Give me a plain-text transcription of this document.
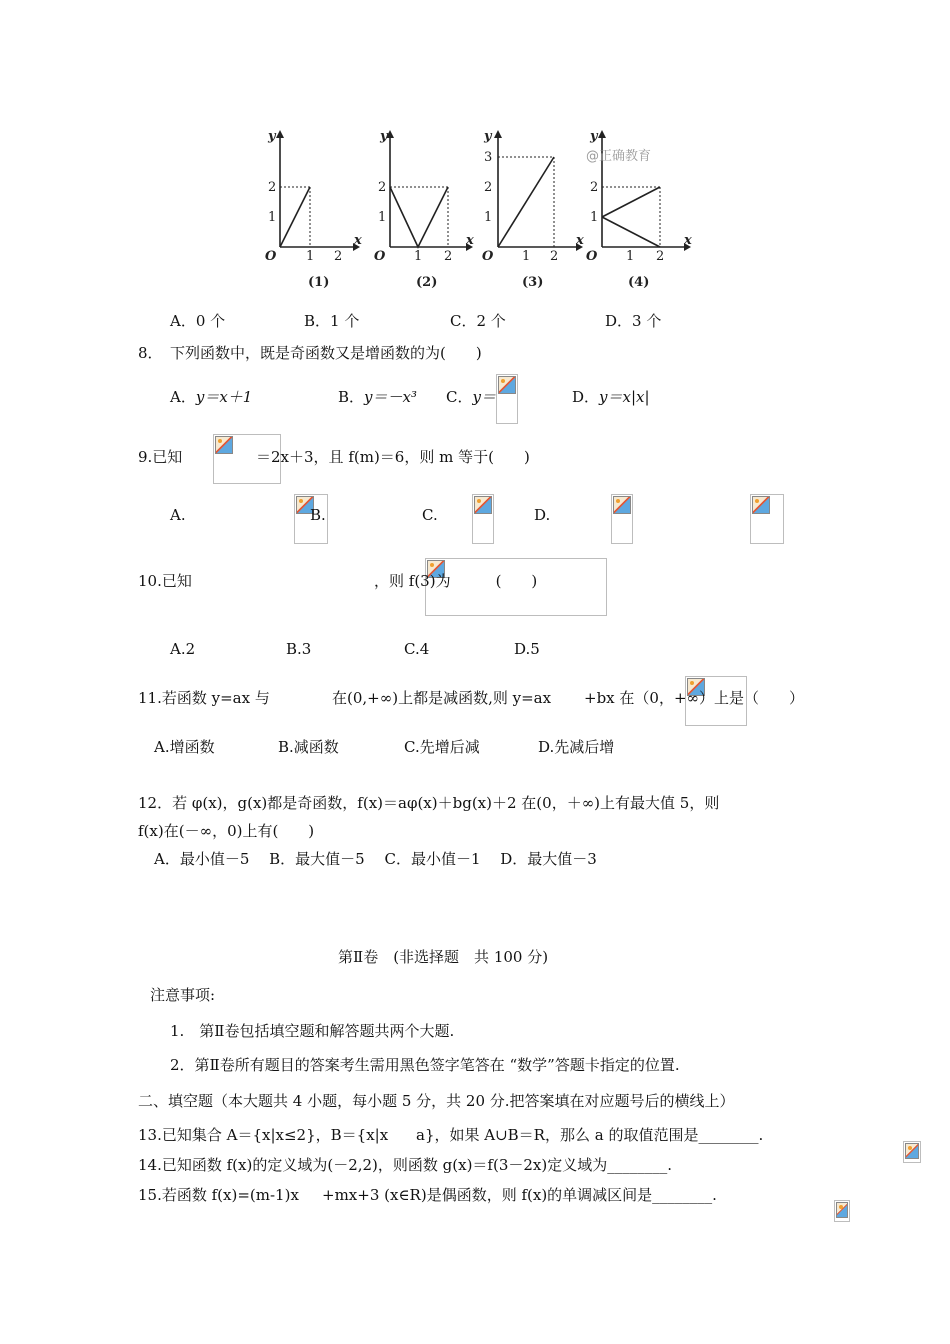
y
x
O
2
1
1 2
(1)
y
x
O
2
1
1 2
(2)
y
x
O
3
2
1
1 2
(3)
y
x
O
2
1
1 2
(4)
@正确教育
A．0 个	B．1 个	C．2 个	D．3 个
8．　下列函数中，既是奇函数又是增函数的为(　　)
A．y＝x＋1	B．y＝－x³ C．y＝
	D．y＝x|x|
9.已知
	＝2x＋3，且 f(m)＝6，则 m 等于(　　)
A.
	B.
	C.
	D.

10.已知
	，则 f(3)为　　　(　　)
A.2	B.3	C.4	D.5
11.若函数 y=ax 与
	在(0,+∞)上都是减函数,则 y=ax
+bx 在（0，+∞）上是（　　）
A.增函数	B.减函数	C.先增后减	D.先减后增
12．若 φ(x)，g(x)都是奇函数，f(x)＝aφ(x)＋bg(x)＋2 在(0，＋∞)上有最大值 5，则
f(x)在(－∞，0)上有(　　)
A．最小值－5　 B．最大值－5　 C．最小值－1　 D．最大值－3
第Ⅱ卷　(非选择题　共 100 分)
注意事项:
1.　第Ⅱ卷包括填空题和解答题共两个大题.
2．第Ⅱ卷所有题目的答案考生需用黑色签字笔答在 “数学”答题卡指定的位置.
二、填空题（本大题共 4 小题，每小题 5 分，共 20 分.把答案填在对应题号后的横线上）
13.已知集合 A＝{x|x≤2}，B＝{x|x
a}，如果 A∪B＝R，那么 a 的取值范围是________.
14.已知函数 f(x)的定义域为(－2,2)，则函数 g(x)＝f(3－2x)定义域为________.
15.若函数 f(x)=(m-1)x +mx+3 (x∈R)是偶函数，则 f(x)的单调减区间是________.
